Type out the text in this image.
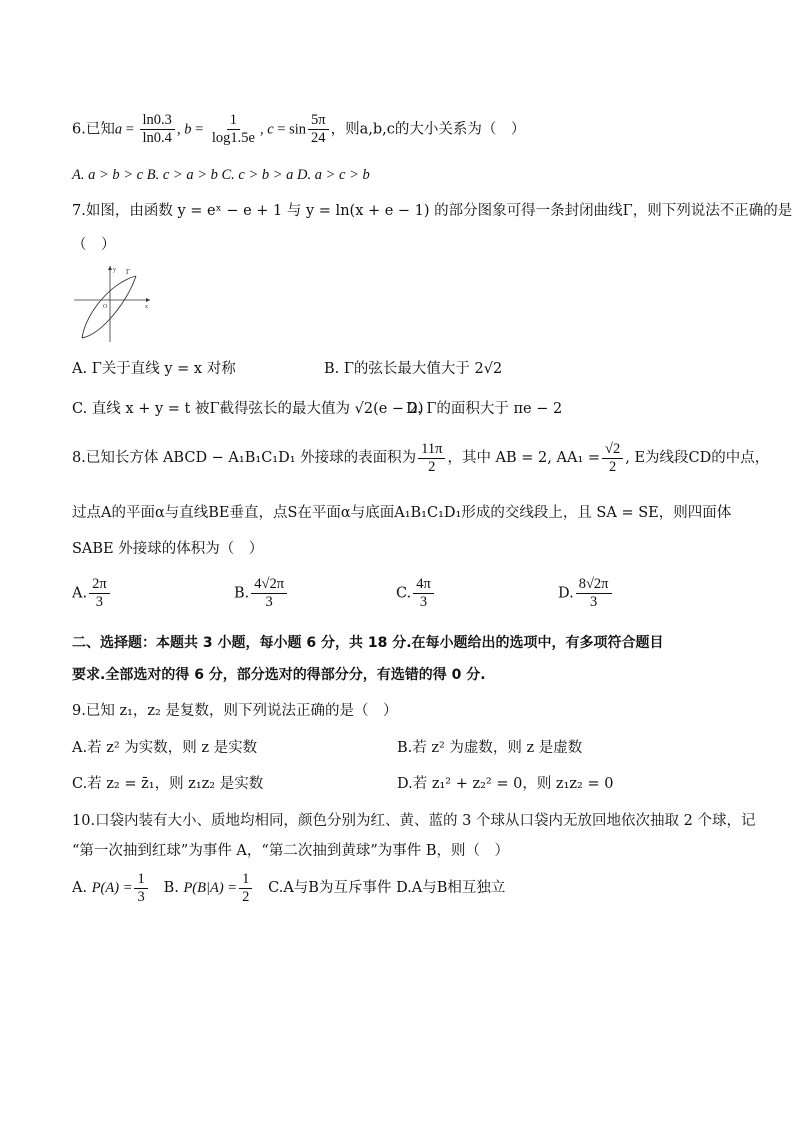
6.已知$a = \frac{\ln 0.3}{\ln 0.4}$ , $b = \frac{1}{\log 1.5e}$ , $c = \sin \frac{5\pi}{24}$ ，则a,b,c的大小关系为（　）
A. a > b > c B. c > a > b C. c > b > a D. a > c > b
7.如图，由函数 y = eˣ − e + 1 与 y = ln(x + e − 1) 的部分图象可得一条封闭曲线Γ，则下列说法不正确的是
（　）
y
x
O
Γ
A. Γ关于直线 y = x 对称	B. Γ的弦长最大值大于 2√2
C. 直线 x + y = t 被Γ截得弦长的最大值为 √2(e − 2)
D. Γ的面积大于 πe − 2
8.已知长方体 ABCD − A₁B₁C₁D₁ 外接球的表面积为 $\frac{11\pi}{2}$ ，其中 AB = 2, $AA_1 = \frac{√2}{2}$ , E为线段CD的中点，
过点A的平面α与直线BE垂直，点S在平面α与底面A₁B₁C₁D₁形成的交线段上，且 SA = SE，则四面体
SABE 外接球的体积为（　）
A. $\frac{2\pi}{3}$	B. $\frac{4√2\pi}{3}$	C. $\frac{4\pi}{3}$	D. $\frac{8√2\pi}{3}$
二、选择题：本题共 3 小题，每小题 6 分，共 18 分.在每小题给出的选项中，有多项符合题目
要求.全部选对的得 6 分，部分选对的得部分分，有选错的得 0 分.
9.已知 z₁，z₂ 是复数，则下列说法正确的是（　）
A.若 z² 为实数，则 z 是实数	B.若 z² 为虚数，则 z 是虚数
C.若 z₂ = z̄₁，则 z₁z₂ 是实数	D.若 z₁² + z₂² = 0，则 z₁z₂ = 0
10.口袋内装有大小、质地均相同，颜色分别为红、黄、蓝的 3 个球从口袋内无放回地依次抽取 2 个球，记
“第一次抽到红球”为事件 A，“第二次抽到黄球”为事件 B，则（　）
A. $P(A) = \frac{1}{3} B$. $P(B|A) = \frac{1}{2} C.A$与B为互斥事件 D.A与B相互独立
